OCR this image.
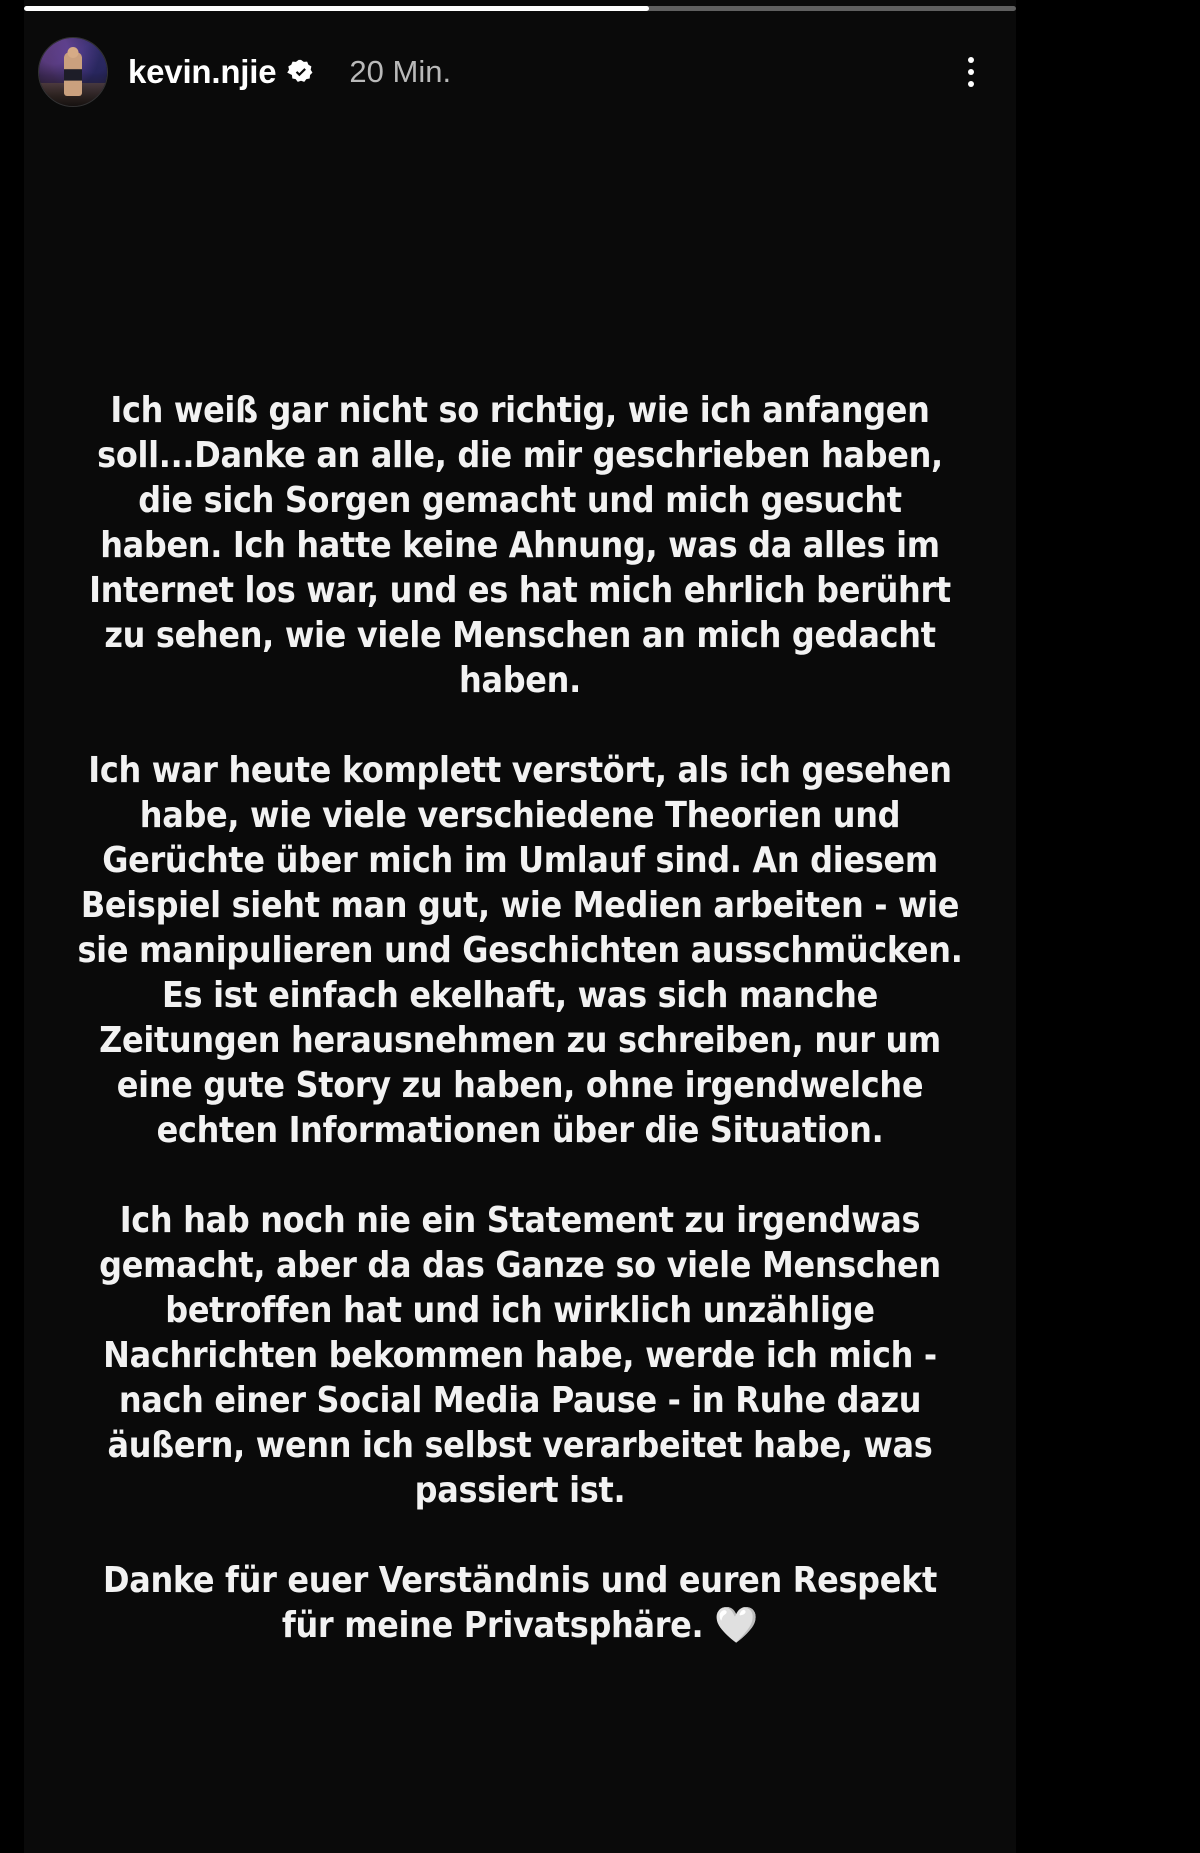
kevin.njie 20 Min.

Ich weiß gar nicht so richtig, wie ich anfangen soll...Danke an alle, die mir geschrieben haben, die sich Sorgen gemacht und mich gesucht haben. Ich hatte keine Ahnung, was da alles im Internet los war, und es hat mich ehrlich berührt zu sehen, wie viele Menschen an mich gedacht haben.

Ich war heute komplett verstört, als ich gesehen habe, wie viele verschiedene Theorien und Gerüchte über mich im Umlauf sind. An diesem Beispiel sieht man gut, wie Medien arbeiten - wie sie manipulieren und Geschichten ausschmücken. Es ist einfach ekelhaft, was sich manche Zeitungen herausnehmen zu schreiben, nur um eine gute Story zu haben, ohne irgendwelche echten Informationen über die Situation.

Ich hab noch nie ein Statement zu irgendwas gemacht, aber da das Ganze so viele Menschen betroffen hat und ich wirklich unzählige Nachrichten bekommen habe, werde ich mich - nach einer Social Media Pause - in Ruhe dazu äußern, wenn ich selbst verarbeitet habe, was passiert ist.

Danke für euer Verständnis und euren Respekt für meine Privatsphäre. 🤍
